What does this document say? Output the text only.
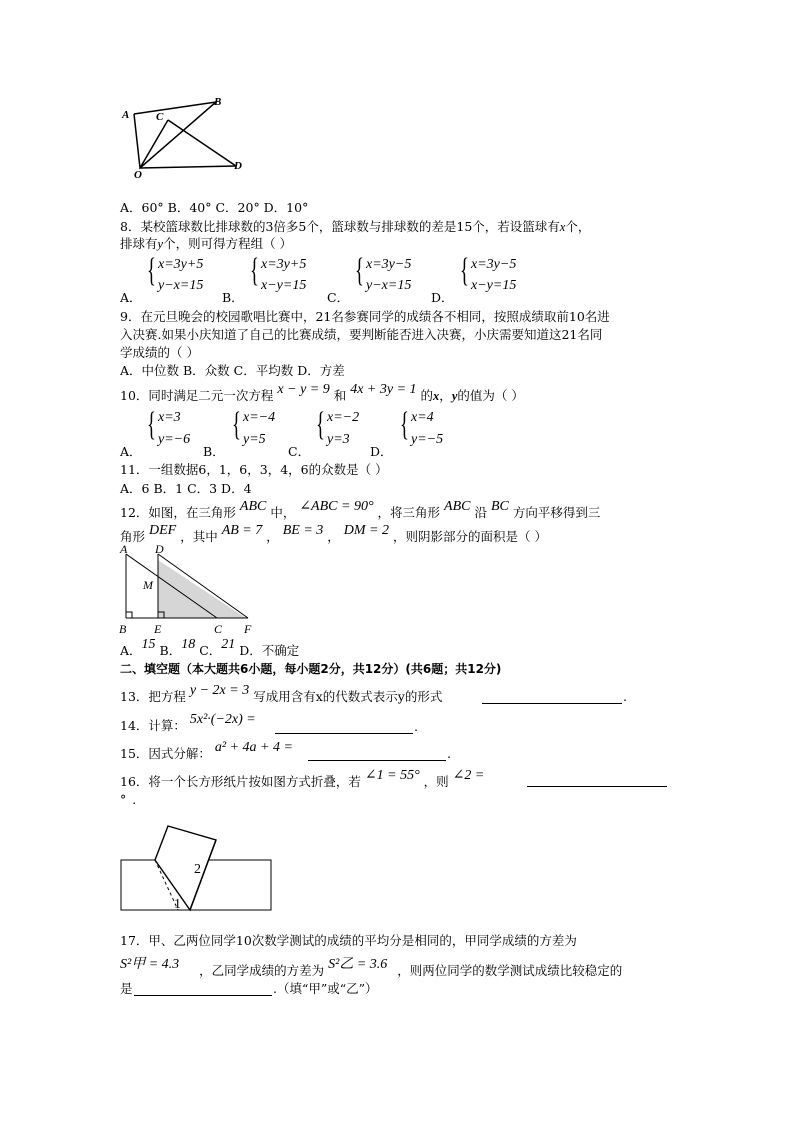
A
B
C
D
O
A．60° B．40° C．20° D．10°
8．某校篮球数比排球数的3倍多5个，篮球数与排球数的差是15个，若设篮球有x个，
排球有y个，则可得方程组（ ）
A．
{ x=3y+5
y−x=15
B．
{ x=3y+5
x−y=15
C．
{ x=3y−5
y−x=15
D．
{ x=3y−5
x−y=15
9．在元旦晚会的校园歌唱比赛中，21名参赛同学的成绩各不相同，按照成绩取前10名进
入决赛.如果小庆知道了自己的比赛成绩，要判断能否进入决赛，小庆需要知道这21名同
学成绩的（ ）
A．中位数 B．众数 C．平均数 D．方差
10．同时满足二元一次方程 x − y = 9 和 4x + 3y = 1 的x，y的值为（ ）
A．
{ x=3
y=−6
B．
{ x=−4
y=5
C．
{ x=−2
y=3
D．
{ x=4
y=−5
11．一组数据6，1，6，3，4，6的众数是（ ）
A．6 B．1 C．3 D．4
12．如图，在三角形 ABC 中， ∠ABC = 90° ，将三角形 ABC 沿 BC 方向平移得到三
角形 DEF ，其中 AB = 7 ， BE = 3 ， DM = 2 ，则阴影部分的面积是（ ）
A D
M
B E	C F
A．15 B．18 C．21 D．不确定
二、填空题（本大题共6小题，每小题2分，共12分）(共6题；共12分)
13．把方程 y − 2x = 3 写成用含有x的代数式表示y的形式	.
14．计算： 5x²·(−2x) =	.
15．因式分解： a² + 4a + 4 =	.
16．将一个长方形纸片按如图方式折叠，若 ∠1 = 55° ，则 ∠2 =
° .
2
1
17．甲、乙两位同学10次数学测试的成绩的平均分是相同的，甲同学成绩的方差为
S²甲 = 4.3 ，乙同学成绩的方差为 S²乙 = 3.6 ，则两位同学的数学测试成绩比较稳定的
是	.（填“甲”或“乙”）
